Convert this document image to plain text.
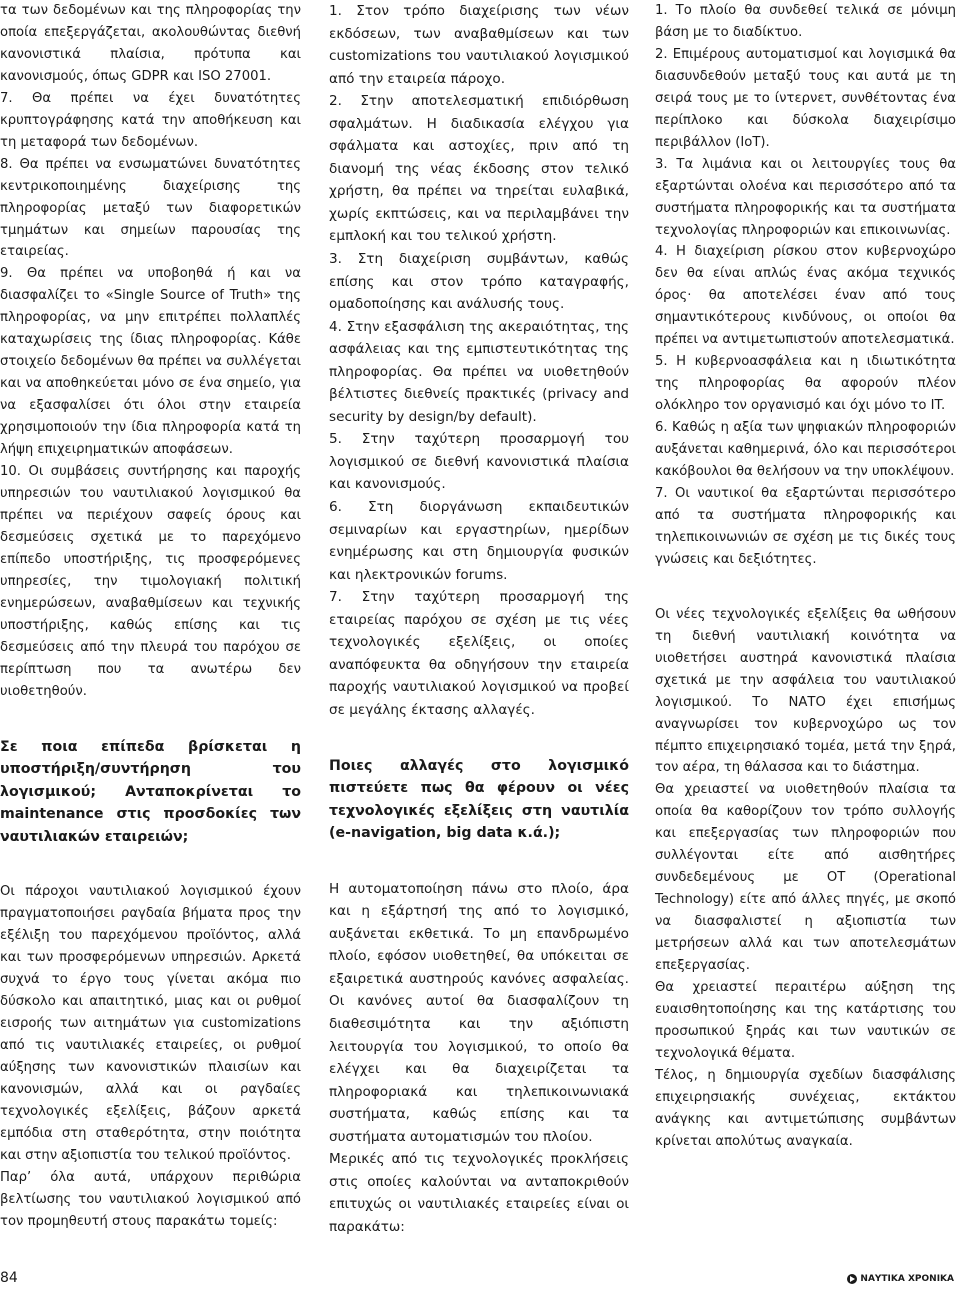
τα των δεδομένων και της πληροφορίας την οποία επεξεργάζεται, ακολουθώντας διεθνή κανονιστικά πλαίσια, πρότυπα και κανονισμούς, όπως GDPR και ISO 27001.

7. Θα πρέπει να έχει δυνατότητες κρυπτογράφησης κατά την αποθήκευση και τη μεταφορά των δεδομένων.

8. Θα πρέπει να ενσωματώνει δυνατότητες κεντρικοποιημένης διαχείρισης της πληροφορίας μεταξύ των διαφορετικών τμημάτων και σημείων παρουσίας της εταιρείας.

9. Θα πρέπει να υποβοηθά ή και να διασφαλίζει το «Single Source of Truth» της πληροφορίας, να μην επιτρέπει πολλαπλές καταχωρίσεις της ίδιας πληροφορίας. Κάθε στοιχείο δεδομένων θα πρέπει να συλλέγεται και να αποθηκεύεται μόνο σε ένα σημείο, για να εξασφαλίσει ότι όλοι στην εταιρεία χρησιμοποιούν την ίδια πληροφορία κατά τη λήψη επιχειρηματικών αποφάσεων.

10. Οι συμβάσεις συντήρησης και παροχής υπηρεσιών του ναυτιλιακού λογισμικού θα πρέπει να περιέχουν σαφείς όρους και δεσμεύσεις σχετικά με το παρεχόμενο επίπεδο υποστήριξης, τις προσφερόμενες υπηρεσίες, την τιμολογιακή πολιτική ενημερώσεων, αναβαθμίσεων και τεχνικής υποστήριξης, καθώς επίσης και τις δεσμεύσεις από την πλευρά του παρόχου σε περίπτωση που τα ανωτέρω δεν υιοθετηθούν.

Σε ποια επίπεδα βρίσκεται η υποστήριξη/συντήρηση του λογισμικού; Ανταποκρίνεται το maintenance στις προσδοκίες των ναυτιλιακών εταιρειών;

Οι πάροχοι ναυτιλιακού λογισμικού έχουν πραγματοποιήσει ραγδαία βήματα προς την εξέλιξη του παρεχόμενου προϊόντος, αλλά και των προσφερόμενων υπηρεσιών. Αρκετά συχνά το έργο τους γίνεται ακόμα πιο δύσκολο και απαιτητικό, μιας και οι ρυθμοί εισροής των αιτημάτων για customizations από τις ναυτιλιακές εταιρείες, οι ρυθμοί αύξησης των κανονιστικών πλαισίων και κανονισμών, αλλά και οι ραγδαίες τεχνολογικές εξελίξεις, βάζουν αρκετά εμπόδια στη σταθερότητα, στην ποιότητα και στην αξιοπιστία του τελικού προϊόντος.

Παρ’ όλα αυτά, υπάρχουν περιθώρια βελτίωσης του ναυτιλιακού λογισμικού από τον προμηθευτή στους παρακάτω τομείς:

1. Στον τρόπο διαχείρισης των νέων εκδόσεων, των αναβαθμίσεων και των customizations του ναυτιλιακού λογισμικού από την εταιρεία πάροχο.

2. Στην αποτελεσματική επιδιόρθωση σφαλμάτων. Η διαδικασία ελέγχου για σφάλματα και αστοχίες, πριν από τη διανομή της νέας έκδοσης στον τελικό χρήστη, θα πρέπει να τηρείται ευλαβικά, χωρίς εκπτώσεις, και να περιλαμβάνει την εμπλοκή και του τελικού χρήστη.

3. Στη διαχείριση συμβάντων, καθώς επίσης και στον τρόπο καταγραφής, ομαδοποίησης και ανάλυσής τους.

4. Στην εξασφάλιση της ακεραιότητας, της ασφάλειας και της εμπιστευτικότητας της πληροφορίας. Θα πρέπει να υιοθετηθούν βέλτιστες διεθνείς πρακτικές (privacy and security by design/by default).

5. Στην ταχύτερη προσαρμογή του λογισμικού σε διεθνή κανονιστικά πλαίσια και κανονισμούς.

6. Στη διοργάνωση εκπαιδευτικών σεμιναρίων και εργαστηρίων, ημερίδων ενημέρωσης και στη δημιουργία φυσικών και ηλεκτρονικών forums.

7. Στην ταχύτερη προσαρμογή της εταιρείας παρόχου σε σχέση με τις νέες τεχνολογικές εξελίξεις, οι οποίες αναπόφευκτα θα οδηγήσουν την εταιρεία παροχής ναυτιλιακού λογισμικού να προβεί σε μεγάλης έκτασης αλλαγές.

Ποιες αλλαγές στο λογισμικό πιστεύετε πως θα φέρουν οι νέες τεχνολογικές εξελίξεις στη ναυτιλία (e-navigation, big data κ.ά.);

Η αυτοματοποίηση πάνω στο πλοίο, άρα και η εξάρτησή της από το λογισμικό, αυξάνεται εκθετικά. Το μη επανδρωμένο πλοίο, εφόσον υιοθετηθεί, θα υπόκειται σε εξαιρετικά αυστηρούς κανόνες ασφαλείας. Οι κανόνες αυτοί θα διασφαλίζουν τη διαθεσιμότητα και την αξιόπιστη λειτουργία του λογισμικού, το οποίο θα ελέγχει και θα διαχειρίζεται τα πληροφοριακά και τηλεπικοινωνιακά συστήματα, καθώς επίσης και τα συστήματα αυτοματισμών του πλοίου.

Μερικές από τις τεχνολογικές προκλήσεις στις οποίες καλούνται να ανταποκριθούν επιτυχώς οι ναυτιλιακές εταιρείες είναι οι παρακάτω:

1. Το πλοίο θα συνδεθεί τελικά σε μόνιμη βάση με το διαδίκτυο.

2. Επιμέρους αυτοματισμοί και λογισμικά θα διασυνδεθούν μεταξύ τους και αυτά με τη σειρά τους με το ίντερνετ, συνθέτοντας ένα περίπλοκο και δύσκολα διαχειρίσιμο περιβάλλον (IoT).

3. Τα λιμάνια και οι λειτουργίες τους θα εξαρτώνται ολοένα και περισσότερο από τα συστήματα πληροφορικής και τα συστήματα τεχνολογίας πληροφοριών και επικοινωνίας.

4. Η διαχείριση ρίσκου στον κυβερνοχώρο δεν θα είναι απλώς ένας ακόμα τεχνικός όρος· θα αποτελέσει έναν από τους σημαντικότερους κινδύνους, οι οποίοι θα πρέπει να αντιμετωπιστούν αποτελεσματικά.

5. Η κυβερνοασφάλεια και η ιδιωτικότητα της πληροφορίας θα αφορούν πλέον ολόκληρο τον οργανισμό και όχι μόνο το IT.

6. Καθώς η αξία των ψηφιακών πληροφοριών αυξάνεται καθημερινά, όλο και περισσότεροι κακόβουλοι θα θελήσουν να την υποκλέψουν.

7. Οι ναυτικοί θα εξαρτώνται περισσότερο από τα συστήματα πληροφορικής και τηλεπικοινωνιών σε σχέση με τις δικές τους γνώσεις και δεξιότητες.

Οι νέες τεχνολογικές εξελίξεις θα ωθήσουν τη διεθνή ναυτιλιακή κοινότητα να υιοθετήσει αυστηρά κανονιστικά πλαίσια σχετικά με την ασφάλεια του ναυτιλιακού λογισμικού. Το ΝΑΤΟ έχει επισήμως αναγνωρίσει τον κυβερνοχώρο ως τον πέμπτο επιχειρησιακό τομέα, μετά την ξηρά, τον αέρα, τη θάλασσα και το διάστημα.

Θα χρειαστεί να υιοθετηθούν πλαίσια τα οποία θα καθορίζουν τον τρόπο συλλογής και επεξεργασίας των πληροφοριών που συλλέγονται είτε από αισθητήρες συνδεδεμένους με OT (Operational Technology) είτε από άλλες πηγές, με σκοπό να διασφαλιστεί η αξιοπιστία των μετρήσεων αλλά και των αποτελεσμάτων επεξεργασίας.

Θα χρειαστεί περαιτέρω αύξηση της ευαισθητοποίησης και της κατάρτισης του προσωπικού ξηράς και των ναυτικών σε τεχνολογικά θέματα.

Τέλος, η δημιουργία σχεδίων διασφάλισης επιχειρησιακής συνέχειας, εκτάκτου ανάγκης και αντιμετώπισης συμβάντων κρίνεται απολύτως αναγκαία.

84	ΝΑΥΤΙΚΑ ΧΡΟΝΙΚΑ
